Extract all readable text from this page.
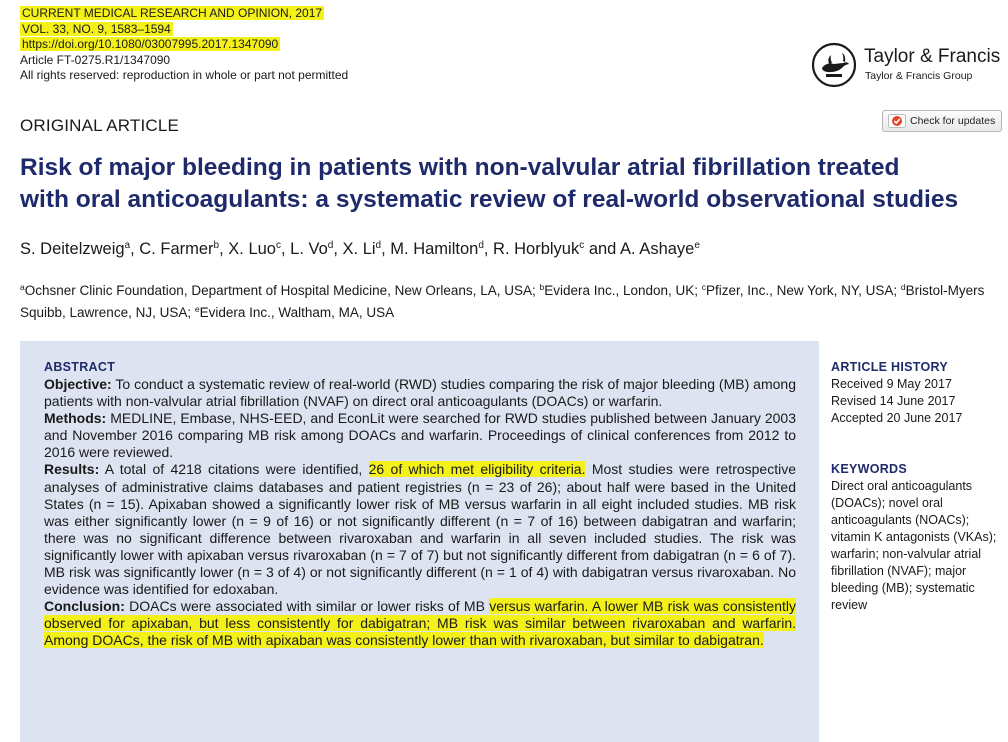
CURRENT MEDICAL RESEARCH AND OPINION, 2017
VOL. 33, NO. 9, 1583–1594
https://doi.org/10.1080/03007995.2017.1347090
Article FT-0275.R1/1347090
All rights reserved: reproduction in whole or part not permitted
Taylor & Francis
Taylor & Francis Group
ORIGINAL ARTICLE	Check for updates
Risk of major bleeding in patients with non-valvular atrial fibrillation treated
with oral anticoagulants: a systematic review of real-world observational studies
S. Deitelzweig$^a$, C. Farmer$^b$, X. Luo$^c$, L. Vo$^d$, X. Li$^d$, M. Hamilton$^d$, R. Horblyuk$^c$ and A. Ashaye$^e$
$^a$Ochsner Clinic Foundation, Department of Hospital Medicine, New Orleans, LA, USA; $^b$Evidera Inc., London, UK; $^c$Pfizer, Inc., New York, NY, USA; $^d$Bristol-Myers Squibb, Lawrence, NJ, USA; $^e$Evidera Inc., Waltham, MA, USA
ABSTRACT

Objective: To conduct a systematic review of real-world (RWD) studies comparing the risk of major bleeding (MB) among patients with non-valvular atrial fibrillation (NVAF) on direct oral anticoagulants (DOACs) or warfarin.

Methods: MEDLINE, Embase, NHS-EED, and EconLit were searched for RWD studies published between January 2003 and November 2016 comparing MB risk among DOACs and warfarin. Proceedings of clinical conferences from 2012 to 2016 were reviewed.

Results: A total of 4218 citations were identified, 26 of which met eligibility criteria. Most studies were retrospective analyses of administrative claims databases and patient registries (n = 23 of 26); about half were based in the United States (n = 15). Apixaban showed a significantly lower risk of MB versus warfarin in all eight included studies. MB risk was either significantly lower (n = 9 of 16) or not significantly different (n = 7 of 16) between dabigatran and warfarin; there was no significant difference between rivaroxaban and warfarin in all seven included studies. The risk was significantly lower with apixaban versus rivaroxaban (n = 7 of 7) but not significantly different from dabigatran (n = 6 of 7). MB risk was significantly lower (n = 3 of 4) or not significantly different (n = 1 of 4) with dabigatran versus rivaroxaban. No evidence was identified for edoxaban.

Conclusion: DOACs were associated with similar or lower risks of MB versus warfarin. A lower MB risk was consistently observed for apixaban, but less consistently for dabigatran; MB risk was similar between rivaroxaban and warfarin. Among DOACs, the risk of MB with apixaban was consistently lower than with rivaroxaban, but similar to dabigatran.

ARTICLE HISTORY
Received 9 May 2017
Revised 14 June 2017
Accepted 20 June 2017
KEYWORDS
Direct oral anticoagulants (DOACs); novel oral anticoagulants (NOACs); vitamin K antagonists (VKAs); warfarin; non-valvular atrial fibrillation (NVAF); major bleeding (MB); systematic review
